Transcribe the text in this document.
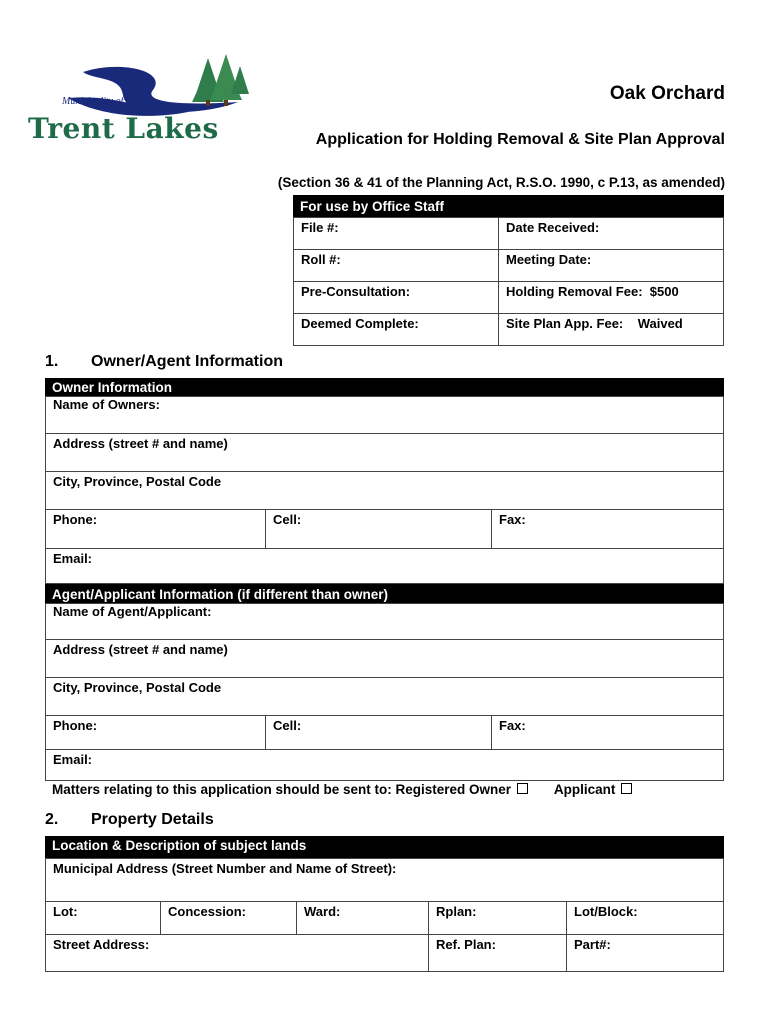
Municipality of
Trent Lakes
Oak Orchard
Application for Holding Removal & Site Plan Approval
(Section 36 & 41 of the Planning Act, R.S.O. 1990, c P.13, as amended)
For use by Office Staff
File #:	Date Received:
Roll #:	Meeting Date:
Pre-Consultation:	Holding Removal Fee: $500
Deemed Complete:	Site Plan App. Fee: Waived
1. Owner/Agent Information
Owner Information
Name of Owners:
Address (street # and name)
City, Province, Postal Code
Phone:	Cell:	Fax:
Email:
Agent/Applicant Information (if different than owner)
Name of Agent/Applicant:
Address (street # and name)
City, Province, Postal Code
Phone:	Cell:	Fax:
Email:
Matters relating to this application should be sent to: Registered Owner	Applicant
2. Property Details
Location & Description of subject lands
Municipal Address (Street Number and Name of Street):				
Lot:	Concession:	Ward:	Rplan:	Lot/Block:
Street Address:			Ref. Plan:	Part#:
